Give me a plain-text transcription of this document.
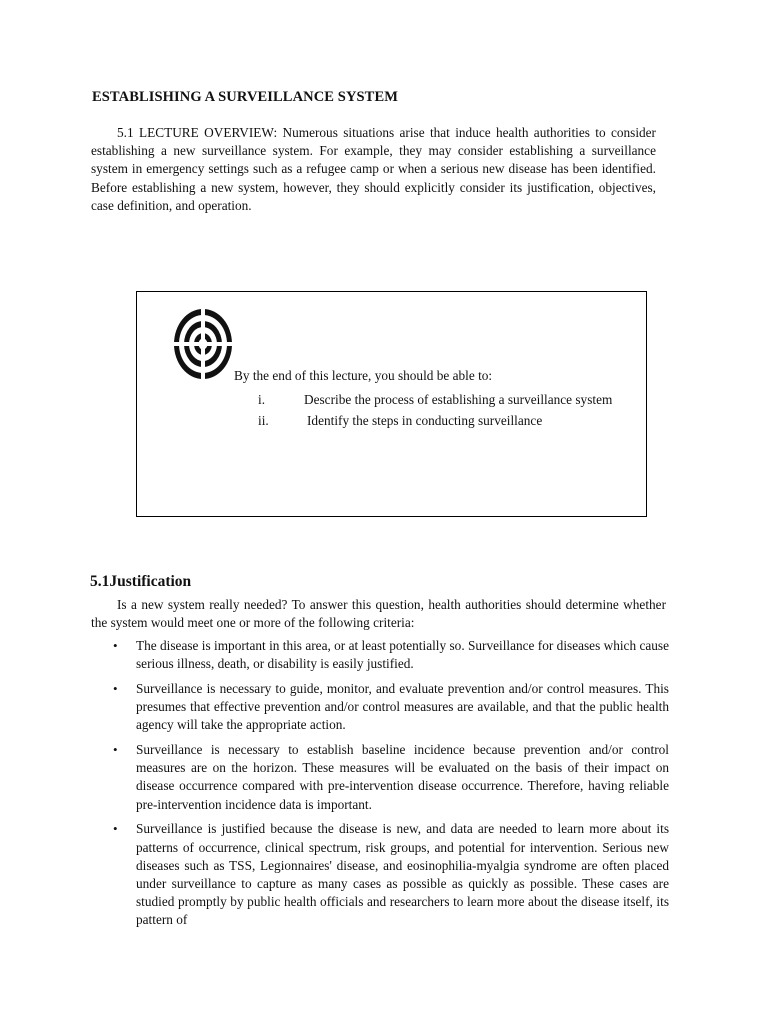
ESTABLISHING A SURVEILLANCE SYSTEM

5.1 LECTURE OVERVIEW: Numerous situations arise that induce health authorities to consider establishing a new surveillance system. For example, they may consider establishing a surveillance system in emergency settings such as a refugee camp or when a serious new disease has been identified. Before establishing a new system, however, they should explicitly consider its justification, objectives, case definition, and operation.

By the end of this lecture, you should be able to:
i.	Describe the process of establishing a surveillance system
ii.	Identify the steps in conducting surveillance
5.1Justification

Is a new system really needed? To answer this question, health authorities should determine whether the system would meet one or more of the following criteria:

• The disease is important in this area, or at least potentially so. Surveillance for diseases which cause serious illness, death, or disability is easily justified.
• Surveillance is necessary to guide, monitor, and evaluate prevention and/or control measures. This presumes that effective prevention and/or control measures are available, and that the public health agency will take the appropriate action.
• Surveillance is necessary to establish baseline incidence because prevention and/or control measures are on the horizon. These measures will be evaluated on the basis of their impact on disease occurrence compared with pre-intervention disease occurrence. Therefore, having reliable pre-intervention incidence data is important.
• Surveillance is justified because the disease is new, and data are needed to learn more about its patterns of occurrence, clinical spectrum, risk groups, and potential for intervention. Serious new diseases such as TSS, Legionnaires' disease, and eosinophilia-myalgia syndrome are often placed under surveillance to capture as many cases as possible as quickly as possible. These cases are studied promptly by public health officials and researchers to learn more about the disease itself, its pattern of
